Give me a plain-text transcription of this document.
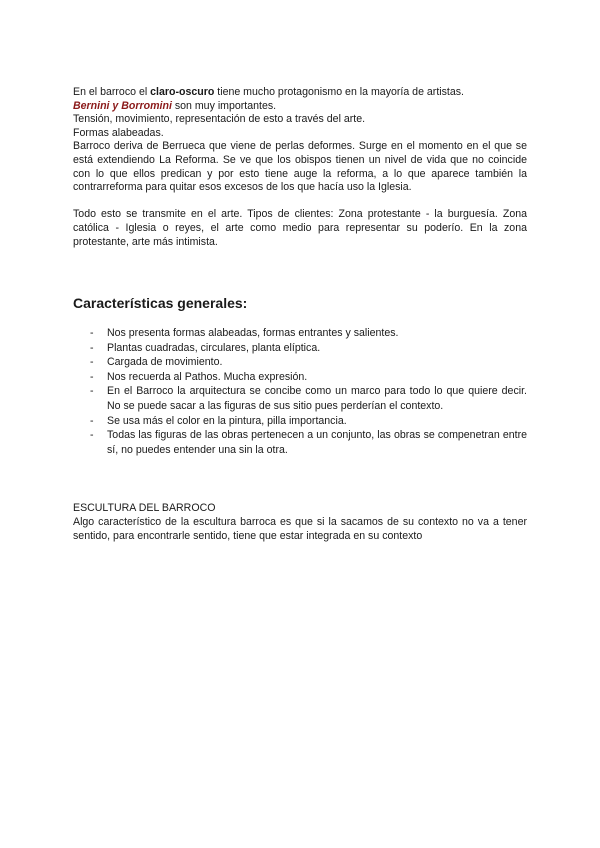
En el barroco el claro-oscuro tiene mucho protagonismo en la mayoría de artistas.

Bernini y Borromini son muy importantes.

Tensión, movimiento, representación de esto a través del arte.

Formas alabeadas.

Barroco deriva de Berrueca que viene de perlas deformes. Surge en el momento en el que se está extendiendo La Reforma. Se ve que los obispos tienen un nivel de vida que no coincide con lo que ellos predican y por esto tiene auge la reforma, a lo que aparece también la contrarreforma para quitar esos excesos de los que hacía uso la Iglesia.

Todo esto se transmite en el arte. Tipos de clientes: Zona protestante - la burguesía. Zona católica - Iglesia o reyes, el arte como medio para representar su poderío. En la zona protestante, arte más intimista.

Características generales:
- Nos presenta formas alabeadas, formas entrantes y salientes.
- Plantas cuadradas, circulares, planta elíptica.
- Cargada de movimiento.
- Nos recuerda al Pathos. Mucha expresión.
- En el Barroco la arquitectura se concibe como un marco para todo lo que quiere decir. No se puede sacar a las figuras de sus sitio pues perderían el contexto.
- Se usa más el color en la pintura, pilla importancia.
- Todas las figuras de las obras pertenecen a un conjunto, las obras se compenetran entre sí, no puedes entender una sin la otra.

ESCULTURA DEL BARROCO

Algo característico de la escultura barroca es que si la sacamos de su contexto no va a tener sentido, para encontrarle sentido, tiene que estar integrada en su contexto
